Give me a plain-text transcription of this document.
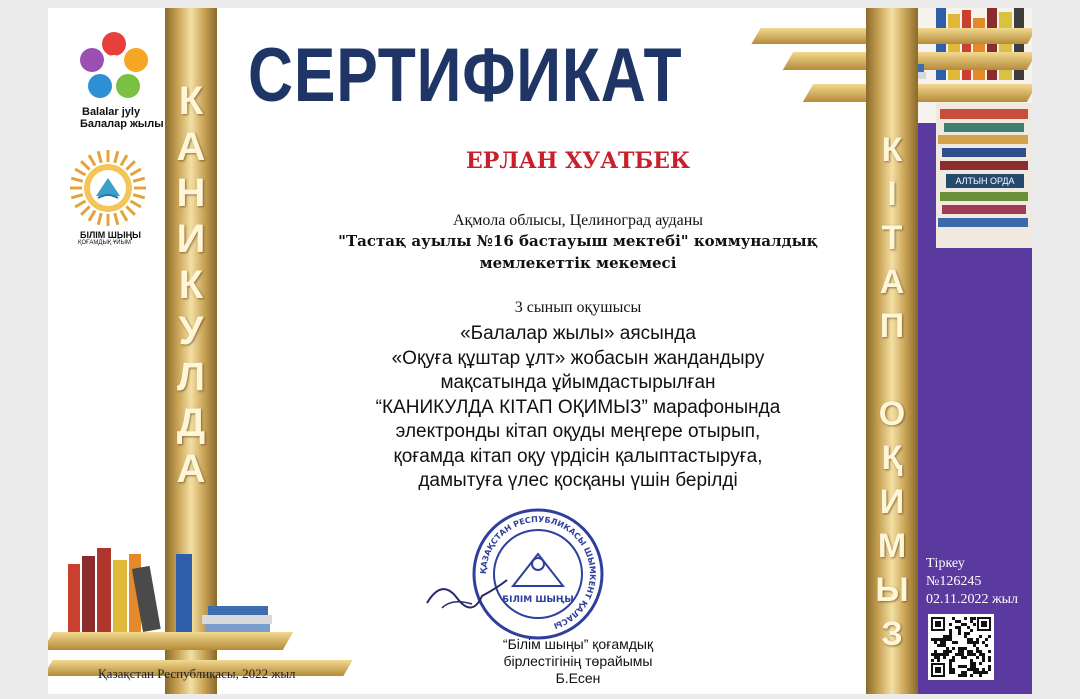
АЛТЫН ОРДА
К
А
Н
И
К
У
Л
Д
А
К
І
Т
А
П

О
Қ
И
М
Ы
З
Balalar jyly
Балалар жылы
БІЛІМ ШЫҢЫ
ҚОҒАМДЫҚ ҰЙЫМ
СЕРТИФИКАТ
ЕРЛАН ХУАТБЕК
Ақмола облысы, Целиноград ауданы
"Тастақ ауылы №16 бастауыш мектебі" коммуналдық
мемлекеттік мекемесі
3 сынып оқушысы
«Балалар жылы» аясында
«Оқуға құштар ұлт» жобасын жандандыру
мақсатында ұйымдастырылған
“КАНИКУЛДА КІТАП ОҚИМЫЗ” марафонында
электронды кітап оқуды меңгере отырып,
қоғамда кітап оқу үрдісін қалыптастыруға,
дамытуға үлес қосқаны үшін берілді
ҚАЗАҚСТАН РЕСПУБЛИКАСЫ ШЫМКЕНТ ҚАЛАСЫ
БІЛІМ ШЫҢЫ
“Білім шыңы” қоғамдық
бірлестігінің төрайымы
Б.Есен
Тіркеу
№126245
02.11.2022 жыл
Қазақстан Республикасы, 2022 жыл
